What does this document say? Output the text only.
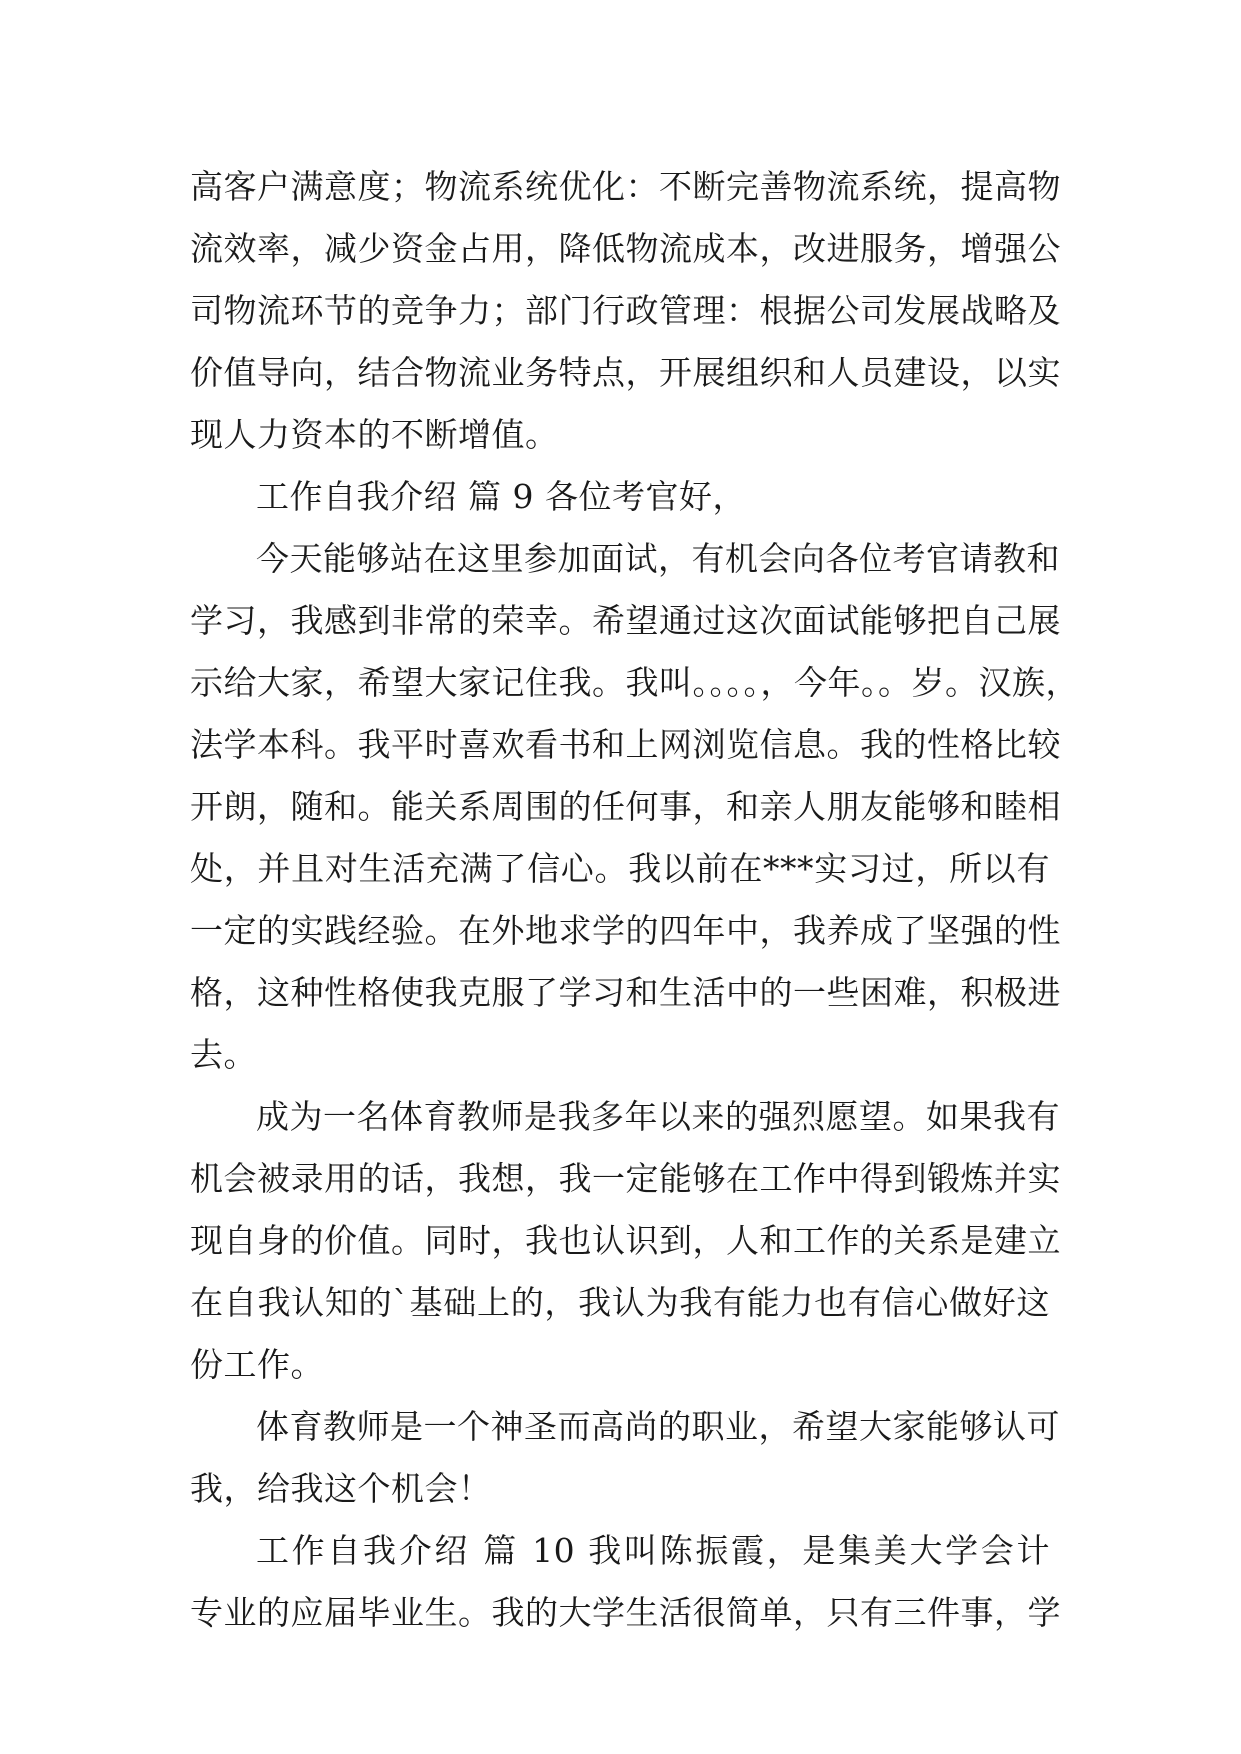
高客户满意度；物流系统优化：不断完善物流系统，提高物
流效率，减少资金占用，降低物流成本，改进服务，增强公
司物流环节的竞争力；部门行政管理：根据公司发展战略及
价值导向，结合物流业务特点，开展组织和人员建设，以实
现人力资本的不断增值。
工作自我介绍 篇 9 各位考官好，
今天能够站在这里参加面试，有机会向各位考官请教和
学习，我感到非常的荣幸。希望通过这次面试能够把自己展
示给大家，希望大家记住我。我叫。。。。，今年。。岁。汉族，
法学本科。我平时喜欢看书和上网浏览信息。我的性格比较
开朗，随和。能关系周围的任何事，和亲人朋友能够和睦相
处，并且对生活充满了信心。我以前在***实习过，所以有
一定的实践经验。在外地求学的四年中，我养成了坚强的性
格，这种性格使我克服了学习和生活中的一些困难，积极进
去。
成为一名体育教师是我多年以来的强烈愿望。如果我有
机会被录用的话，我想，我一定能够在工作中得到锻炼并实
现自身的价值。同时，我也认识到，人和工作的关系是建立
在自我认知的`基础上的，我认为我有能力也有信心做好这
份工作。
体育教师是一个神圣而高尚的职业，希望大家能够认可
我，给我这个机会！
工作自我介绍 篇 10 我叫陈振霞，是集美大学会计
专业的应届毕业生。我的大学生活很简单，只有三件事，学
